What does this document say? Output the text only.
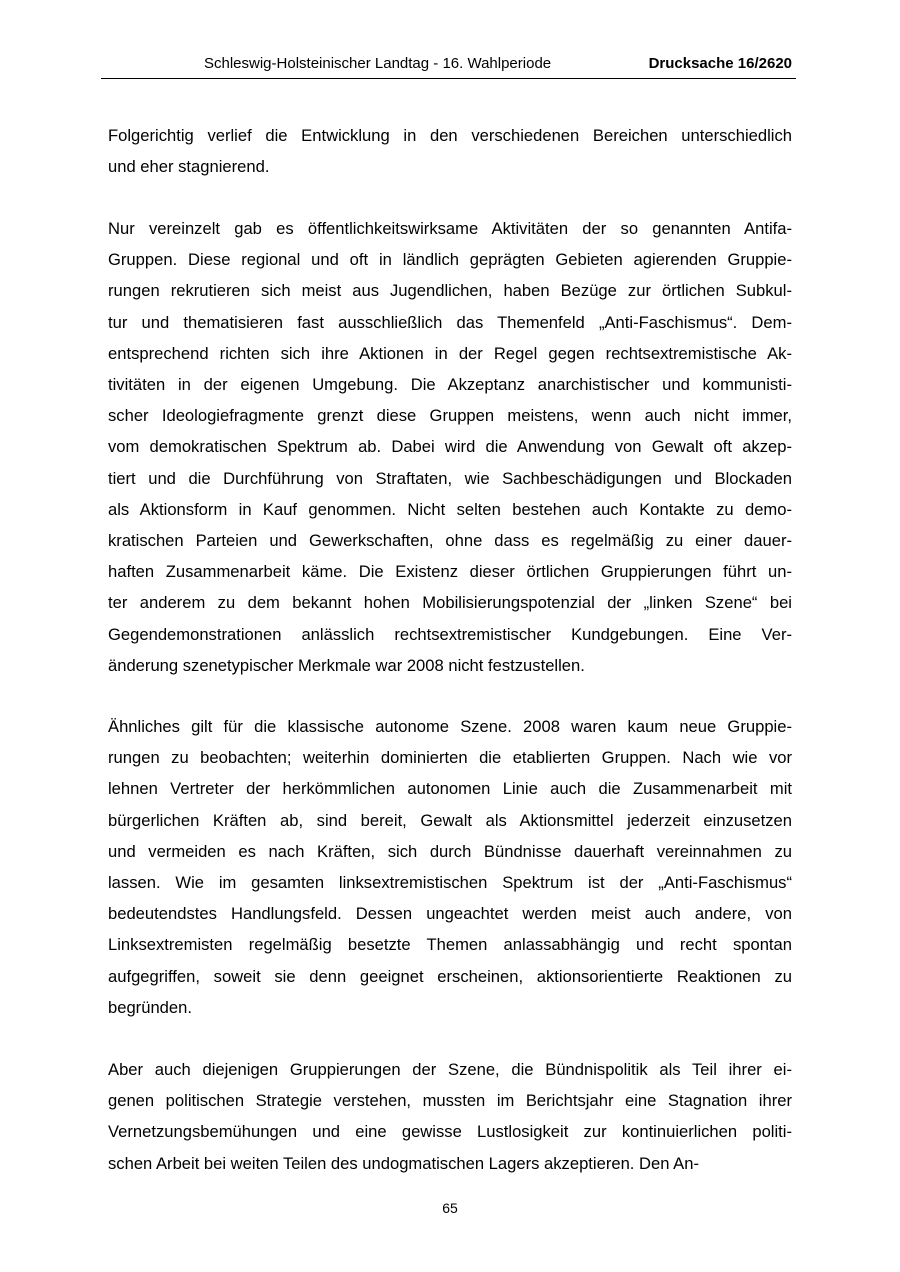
Schleswig-Holsteinischer Landtag - 16. Wahlperiode	Drucksache 16/2620
Folgerichtig verlief die Entwicklung in den verschiedenen Bereichen unterschiedlich
und eher stagnierend.
Nur vereinzelt gab es öffentlichkeitswirksame Aktivitäten der so genannten Antifa-
Gruppen. Diese regional und oft in ländlich geprägten Gebieten agierenden Gruppie-
rungen rekrutieren sich meist aus Jugendlichen, haben Bezüge zur örtlichen Subkul-
tur und thematisieren fast ausschließlich das Themenfeld „Anti-Faschismus“. Dem-
entsprechend richten sich ihre Aktionen in der Regel gegen rechtsextremistische Ak-
tivitäten in der eigenen Umgebung. Die Akzeptanz anarchistischer und kommunisti-
scher Ideologiefragmente grenzt diese Gruppen meistens, wenn auch nicht immer,
vom demokratischen Spektrum ab. Dabei wird die Anwendung von Gewalt oft akzep-
tiert und die Durchführung von Straftaten, wie Sachbeschädigungen und Blockaden
als Aktionsform in Kauf genommen. Nicht selten bestehen auch Kontakte zu demo-
kratischen Parteien und Gewerkschaften, ohne dass es regelmäßig zu einer dauer-
haften Zusammenarbeit käme. Die Existenz dieser örtlichen Gruppierungen führt un-
ter anderem zu dem bekannt hohen Mobilisierungspotenzial der „linken Szene“ bei
Gegendemonstrationen anlässlich rechtsextremistischer Kundgebungen. Eine Ver-
änderung szenetypischer Merkmale war 2008 nicht festzustellen.
Ähnliches gilt für die klassische autonome Szene. 2008 waren kaum neue Gruppie-
rungen zu beobachten; weiterhin dominierten die etablierten Gruppen. Nach wie vor
lehnen Vertreter der herkömmlichen autonomen Linie auch die Zusammenarbeit mit
bürgerlichen Kräften ab, sind bereit, Gewalt als Aktionsmittel jederzeit einzusetzen
und vermeiden es nach Kräften, sich durch Bündnisse dauerhaft vereinnahmen zu
lassen. Wie im gesamten linksextremistischen Spektrum ist der „Anti-Faschismus“
bedeutendstes Handlungsfeld. Dessen ungeachtet werden meist auch andere, von
Linksextremisten regelmäßig besetzte Themen anlassabhängig und recht spontan
aufgegriffen, soweit sie denn geeignet erscheinen, aktionsorientierte Reaktionen zu
begründen.
Aber auch diejenigen Gruppierungen der Szene, die Bündnispolitik als Teil ihrer ei-
genen politischen Strategie verstehen, mussten im Berichtsjahr eine Stagnation ihrer
Vernetzungsbemühungen und eine gewisse Lustlosigkeit zur kontinuierlichen politi-
schen Arbeit bei weiten Teilen des undogmatischen Lagers akzeptieren. Den An-
65
